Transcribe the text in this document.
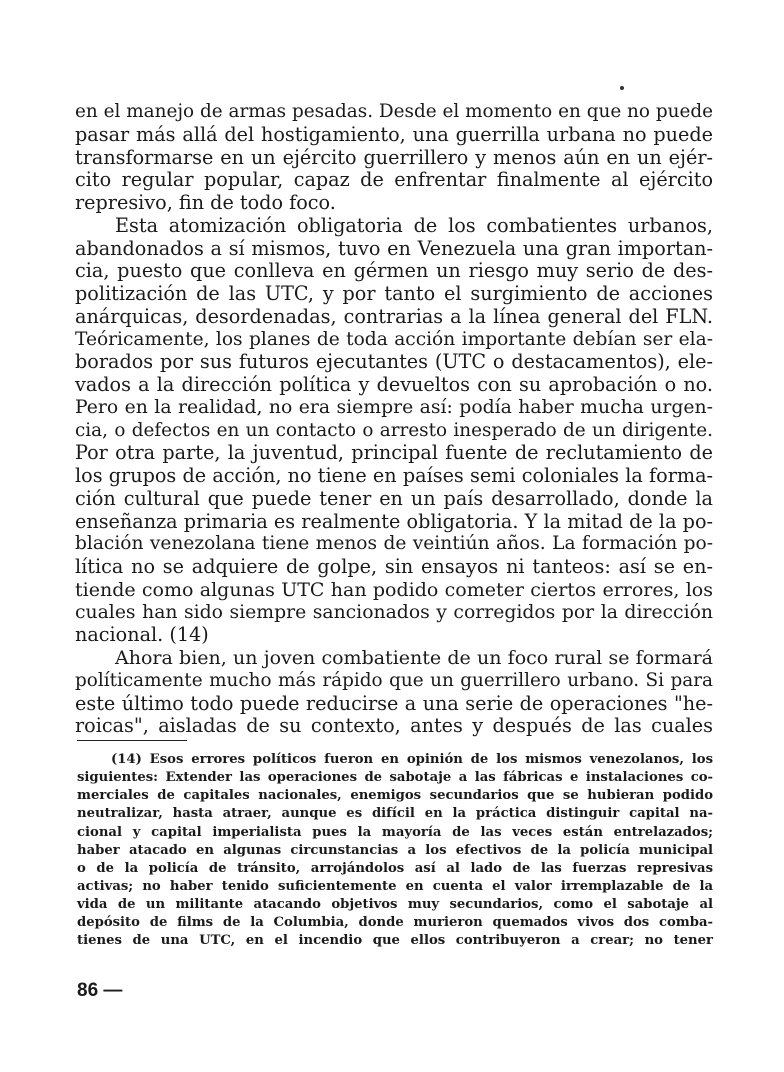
en el manejo de armas pesadas. Desde el momento en que no puede
pasar más allá del hostigamiento, una guerrilla urbana no puede
transformarse en un ejército guerrillero y menos aún en un ejér-
cito regular popular, capaz de enfrentar finalmente al ejército
represivo, fin de todo foco.
Esta atomización obligatoria de los combatientes urbanos,
abandonados a sí mismos, tuvo en Venezuela una gran importan-
cia, puesto que conlleva en gérmen un riesgo muy serio de des-
politización de las UTC, y por tanto el surgimiento de acciones
anárquicas, desordenadas, contrarias a la línea general del FLN.
Teóricamente, los planes de toda acción importante debían ser ela-
borados por sus futuros ejecutantes (UTC o destacamentos), ele-
vados a la dirección política y devueltos con su aprobación o no.
Pero en la realidad, no era siempre así: podía haber mucha urgen-
cia, o defectos en un contacto o arresto inesperado de un dirigente.
Por otra parte, la juventud, principal fuente de reclutamiento de
los grupos de acción, no tiene en países semi coloniales la forma-
ción cultural que puede tener en un país desarrollado, donde la
enseñanza primaria es realmente obligatoria. Y la mitad de la po-
blación venezolana tiene menos de veintiún años. La formación po-
lítica no se adquiere de golpe, sin ensayos ni tanteos: así se en-
tiende como algunas UTC han podido cometer ciertos errores, los
cuales han sido siempre sancionados y corregidos por la dirección
nacional. (14)
Ahora bien, un joven combatiente de un foco rural se formará
políticamente mucho más rápido que un guerrillero urbano. Si para
este último todo puede reducirse a una serie de operaciones "he-
roicas", aisladas de su contexto, antes y después de las cuales
(14) Esos errores políticos fueron en opinión de los mismos venezolanos, los
siguientes: Extender las operaciones de sabotaje a las fábricas e instalaciones co-
merciales de capitales nacionales, enemigos secundarios que se hubieran podido
neutralizar, hasta atraer, aunque es difícil en la práctica distinguir capital na-
cional y capital imperialista pues la mayoría de las veces están entrelazados;
haber atacado en algunas circunstancias a los efectivos de la policía municipal
o de la policía de tránsito, arrojándolos así al lado de las fuerzas represivas
activas; no haber tenido suficientemente en cuenta el valor irremplazable de la
vida de un militante atacando objetivos muy secundarios, como el sabotaje al
depósito de films de la Columbia, donde murieron quemados vivos dos comba-
tienes de una UTC, en el incendio que ellos contribuyeron a crear; no tener
86 —
